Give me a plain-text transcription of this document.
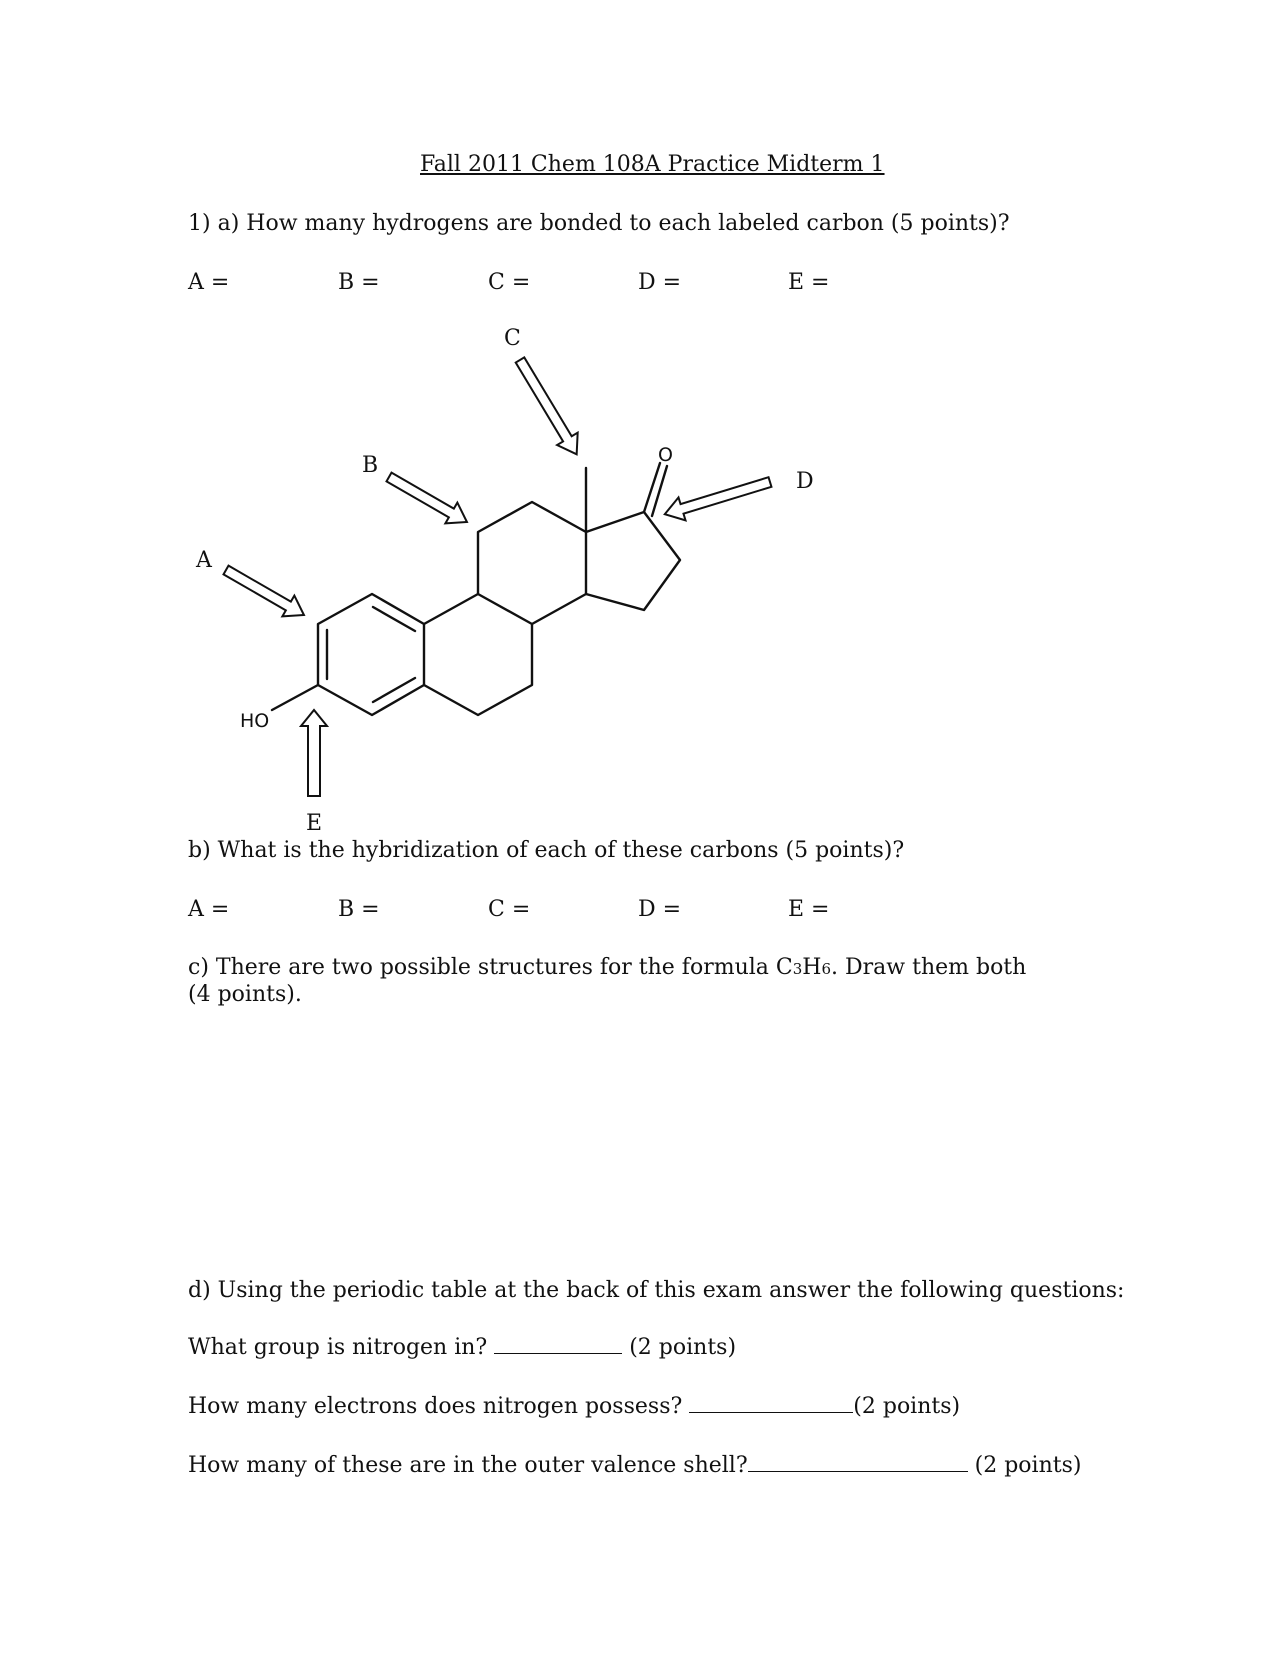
Fall 2011 Chem 108A Practice Midterm 1
1) a) How many hydrogens are bonded to each labeled carbon (5 points)?
A =	B =	C =	D =	E =
A
B
C
D
E
HO
O
b) What is the hybridization of each of these carbons (5 points)?
A =	B =	C =	D =	E =
c) There are two possible structures for the formula C3H6. Draw them both (4 points).
d) Using the periodic table at the back of this exam answer the following questions:
What group is nitrogen in?	(2 points)
How many electrons does nitrogen possess?	(2 points)
How many of these are in the outer valence shell?	(2 points)
